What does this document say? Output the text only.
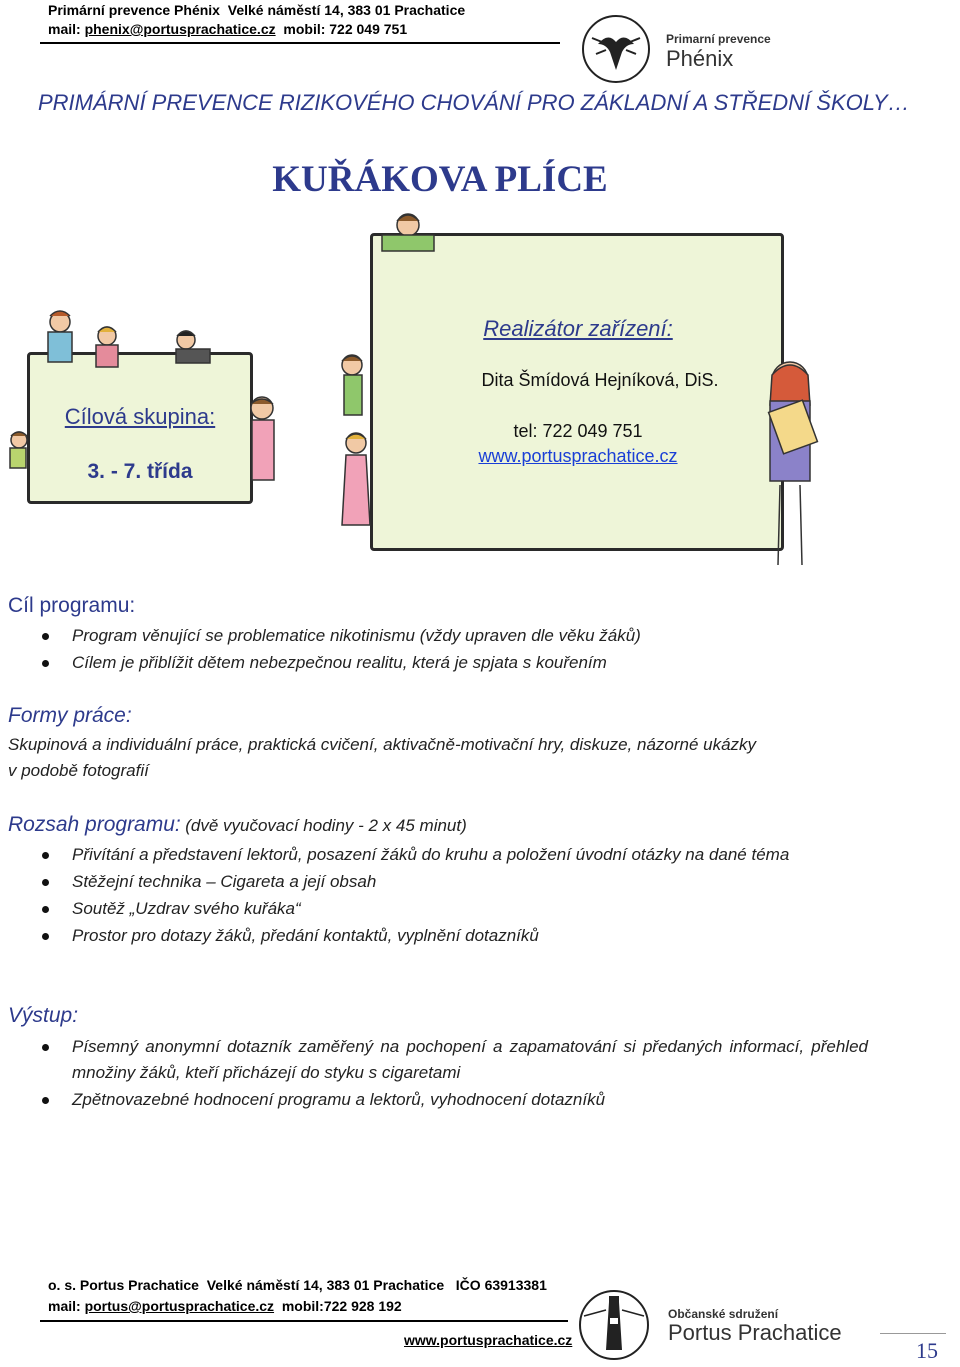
Primární prevence Phénix Velké náměstí 14, 383 01 Prachatice
mail: phenix@portusprachatice.cz mobil: 722 049 751
Primarní prevence
Phénix
PRIMÁRNÍ PREVENCE RIZIKOVÉHO CHOVÁNÍ PRO ZÁKLADNÍ A STŘEDNÍ ŠKOLY…
KUŘÁKOVA PLÍCE
Cílová skupina:
3. - 7. třída
Realizátor zařízení:
Dita Šmídová Hejníková, DiS.
tel: 722 049 751
www.portusprachatice.cz
Cíl programu:
Program věnující se problematice nikotinismu (vždy upraven dle věku žáků)
Cílem je přiblížit dětem nebezpečnou realitu, která je spjata s kouřením
Formy práce:
Skupinová a individuální práce, praktická cvičení, aktivačně-motivační hry, diskuze, názorné ukázky
v podobě fotografií
Rozsah programu: (dvě vyučovací hodiny - 2 x 45 minut)
Přivítání a představení lektorů, posazení žáků do kruhu a položení úvodní otázky na dané téma
Stěžejní technika – Cigareta a její obsah
Soutěž „Uzdrav svého kuřáka“
Prostor pro dotazy žáků, předání kontaktů, vyplnění dotazníků
Výstup:
Písemný anonymní dotazník zaměřený na pochopení a zapamatování si předaných informací, přehled množiny žáků, kteří přicházejí do styku s cigaretami
Zpětnovazebné hodnocení programu a lektorů, vyhodnocení dotazníků
o. s. Portus Prachatice Velké náměstí 14, 383 01 Prachatice IČO 63913381
mail: portus@portusprachatice.cz mobil:722 928 192
www.portusprachatice.cz
Občanské sdružení
Portus Prachatice
15
